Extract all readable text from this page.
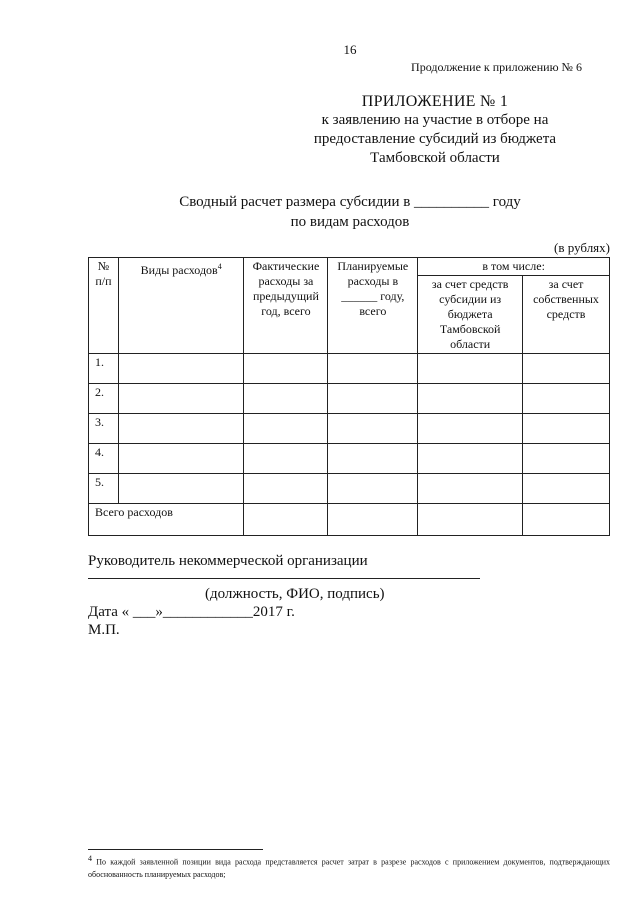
16
Продолжение к приложению № 6
ПРИЛОЖЕНИЕ № 1
к заявлению на участие в отборе на
предоставление субсидий из бюджета
Тамбовской области
Сводный расчет размера субсидии в __________ году
по видам расходов
(в рублях)
№ п/п	Виды расходов$^4$	Фактические расходы за предыдущий год, всего	Планируемые расходы в ______ году, всего	в том числе:	
				за счет средств субсидии из бюджета Тамбовской области	за счет собственных средств
1.					
2.					
3.					
4.					
5.					
Всего расходов					
Руководитель некоммерческой организации
(должность, ФИО, подпись)
Дата « ___»____________2017 г.
М.П.
4 По каждой заявленной позиции вида расхода представляется расчет затрат в разрезе расходов с приложением документов, подтверждающих обоснованность планируемых расходов;
